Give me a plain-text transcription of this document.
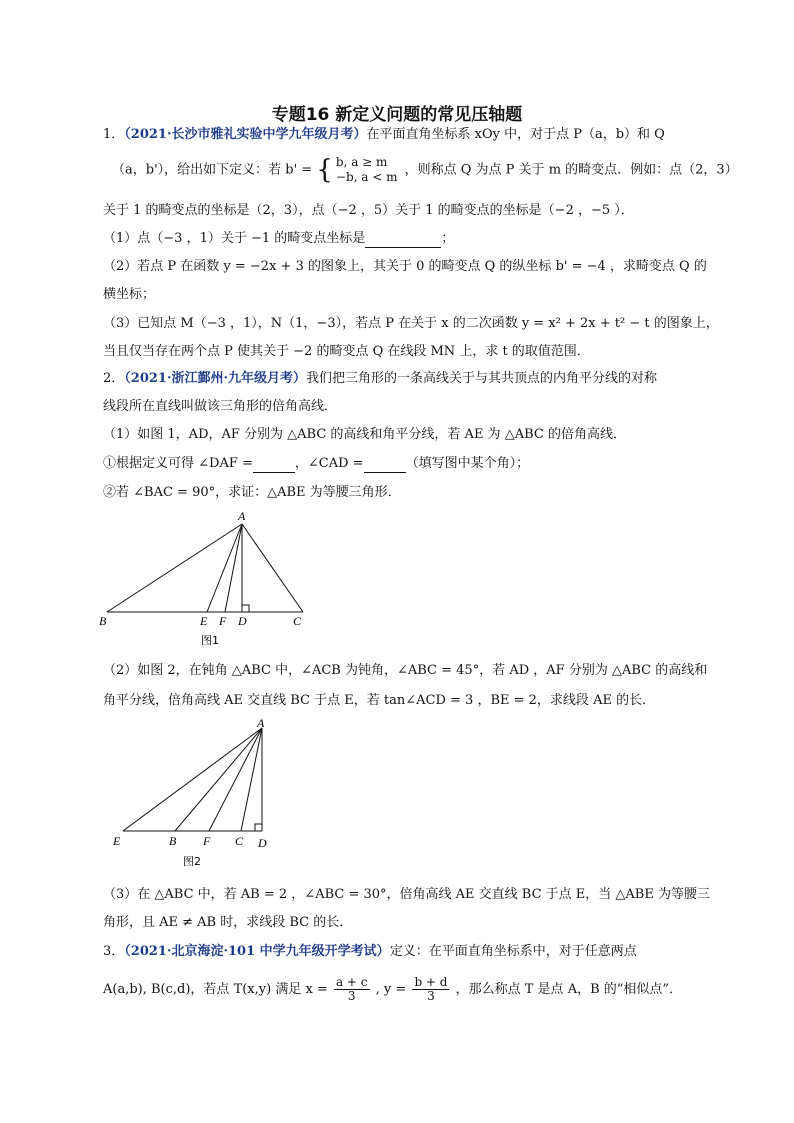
专题16 新定义问题的常见压轴题
1．（2021·长沙市雅礼实验中学九年级月考）在平面直角坐标系 xOy 中，对于点 P（a，b）和 Q
（a，b'），给出如下定义：若 b' = { b, a ≥ m
−b, a < m ，则称点 Q 为点 P 关于 m 的畸变点．例如：点（2，3）
关于 1 的畸变点的坐标是（2，3），点（−2 ，5）关于 1 的畸变点的坐标是（−2 ，−5 ）．
（1）点（−3 ，1）关于 −1 的畸变点坐标是	；
（2）若点 P 在函数 y = −2x + 3 的图象上，其关于 0 的畸变点 Q 的纵坐标 b' = −4 ，求畸变点 Q 的
横坐标；
（3）已知点 M（−3 ，1），N（1，−3），若点 P 在关于 x 的二次函数 y = x² + 2x + t² − t 的图象上，
当且仅当存在两个点 P 使其关于 −2 的畸变点 Q 在线段 MN 上，求 t 的取值范围．
2．（2021·浙江鄞州·九年级月考）我们把三角形的一条高线关于与其共顶点的内角平分线的对称
线段所在直线叫做该三角形的倍角高线．
（1）如图 1，AD，AF 分别为 △ABC 的高线和角平分线，若 AE 为 △ABC 的倍角高线．
①根据定义可得 ∠DAF =	，∠CAD =	（填写图中某个角）；
②若 ∠BAC = 90°，求证：△ABE 为等腰三角形．
A
B	C
D
E F
图1
（2）如图 2，在钝角 △ABC 中，∠ACB 为钝角，∠ABC = 45°，若 AD ，AF 分别为 △ABC 的高线和
角平分线，倍角高线 AE 交直线 BC 于点 E，若 tan∠ACD = 3 ，BE = 2，求线段 AE 的长．
A
E	B F C D
图2
（3）在 △ABC 中，若 AB = 2 ，∠ABC = 30°，倍角高线 AE 交直线 BC 于点 E，当 △ABE 为等腰三
角形，且 AE ≠ AB 时，求线段 BC 的长．
3．（2021·北京海淀·101 中学九年级开学考试）定义：在平面直角坐标系中，对于任意两点
A(a,b), B(c,d)，若点 T(x,y) 满足 $x = \frac{a + c}{3}$ , $y = \frac{b + d}{3}$ ，那么称点 T 是点 A，B 的“相似点”．
